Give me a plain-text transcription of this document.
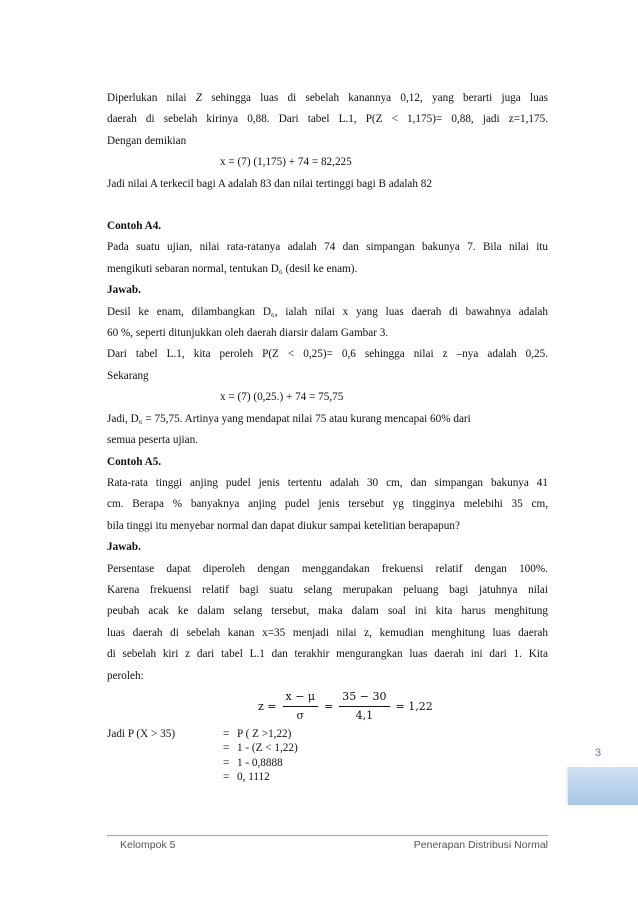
Diperlukan nilai Z sehingga luas di sebelah kanannya 0,12, yang berarti juga luas

daerah di sebelah kirinya 0,88. Dari tabel L.1, P(Z < 1,175)= 0,88, jadi z=1,175.

Dengan demikian

x = (7) (1,175) + 74 = 82,225

Jadi nilai A terkecil bagi A adalah 83 dan nilai tertinggi bagi B adalah 82

Contoh A4.

Pada suatu ujian, nilai rata-ratanya adalah 74 dan simpangan bakunya 7. Bila nilai itu

mengikuti sebaran normal, tentukan D₆ (desil ke enam).

Jawab.

Desil ke enam, dilambangkan D₆, ialah nilai x yang luas daerah di bawahnya adalah

60 %, seperti ditunjukkan oleh daerah diarsir dalam Gambar 3.

Dari tabel L.1, kita peroleh P(Z < 0,25)= 0,6 sehingga nilai z –nya adalah 0,25.

Sekarang

x = (7) (0,25.) + 74 = 75,75

Jadi, D₆ = 75,75. Artinya yang mendapat nilai 75 atau kurang mencapai 60% dari

semua peserta ujian.

Contoh A5.

Rata-rata tinggi anjing pudel jenis tertentu adalah 30 cm, dan simpangan bakunya 41

cm. Berapa % banyaknya anjing pudel jenis tersebut yg tingginya melebihi 35 cm,

bila tinggi itu menyebar normal dan dapat diukur sampai ketelitian berapapun?

Jawab.

Persentase dapat diperoleh dengan menggandakan frekuensi relatif dengan 100%.

Karena frekuensi relatif bagi suatu selang merupakan peluang bagi jatuhnya nilai

peubah acak ke dalam selang tersebut, maka dalam soal ini kita harus menghitung

luas daerah di sebelah kanan x=35 menjadi nilai z, kemudian menghitung luas daerah

di sebelah kiri z dari tabel L.1 dan terakhir mengurangkan luas daerah ini dari 1. Kita

peroleh:

$z = \frac{x - \mu}{\sigma} = \frac{35 - 30}{4,1} = 1,22$
Jadi P (X > 35)	= P ( Z >1,22)
= 1 - (Z < 1,22)
= 1 - 0,8888
= 0, 1112
3
Kelompok 5	Penerapan Distribusi Normal
